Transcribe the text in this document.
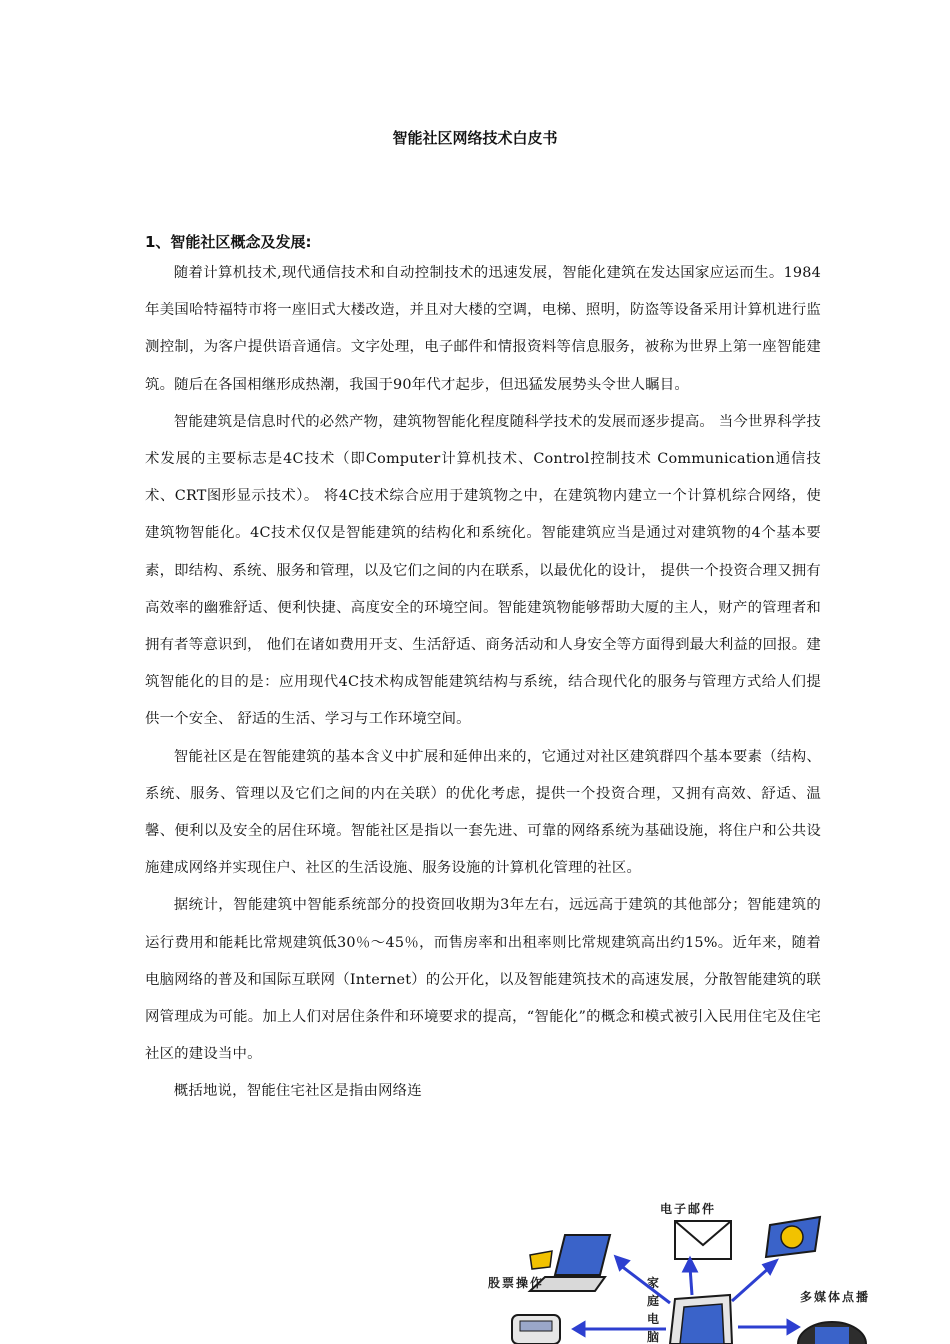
智能社区网络技术白皮书
1、智能社区概念及发展:

随着计算机技术,现代通信技术和自动控制技术的迅速发展，智能化建筑在发达国家应运而生。1984年美国哈特福特市将一座旧式大楼改造，并且对大楼的空调，电梯、照明，防盗等设备采用计算机进行监测控制，为客户提供语音通信。文字处理，电子邮件和情报资料等信息服务，被称为世界上第一座智能建筑。随后在各国相继形成热潮，我国于90年代才起步，但迅猛发展势头令世人瞩目。

智能建筑是信息时代的必然产物，建筑物智能化程度随科学技术的发展而逐步提高。 当今世界科学技术发展的主要标志是4C技术（即Computer计算机技术、Control控制技术 Communication通信技术、CRT图形显示技术）。 将4C技术综合应用于建筑物之中，在建筑物内建立一个计算机综合网络，使建筑物智能化。4C技术仅仅是智能建筑的结构化和系统化。智能建筑应当是通过对建筑物的4个基本要素，即结构、系统、服务和管理，以及它们之间的内在联系，以最优化的设计， 提供一个投资合理又拥有高效率的幽雅舒适、便利快捷、高度安全的环境空间。智能建筑物能够帮助大厦的主人，财产的管理者和拥有者等意识到， 他们在诸如费用开支、生活舒适、商务活动和人身安全等方面得到最大利益的回报。建筑智能化的目的是：应用现代4C技术构成智能建筑结构与系统，结合现代化的服务与管理方式给人们提供一个安全、 舒适的生活、学习与工作环境空间。

智能社区是在智能建筑的基本含义中扩展和延伸出来的，它通过对社区建筑群四个基本要素（结构、系统、服务、管理以及它们之间的内在关联）的优化考虑，提供一个投资合理，又拥有高效、舒适、温馨、便利以及安全的居住环境。智能社区是指以一套先进、可靠的网络系统为基础设施，将住户和公共设施建成网络并实现住户、社区的生活设施、服务设施的计算机化管理的社区。

据统计，智能建筑中智能系统部分的投资回收期为3年左右，远远高于建筑的其他部分；智能建筑的运行费用和能耗比常规建筑低30％～45％，而售房率和出租率则比常规建筑高出约15%。近年来，随着电脑网络的普及和国际互联网（Internet）的公开化，以及智能建筑技术的高速发展，分散智能建筑的联网管理成为可能。加上人们对居住条件和环境要求的提高，“智能化”的概念和模式被引入民用住宅及住宅社区的建设当中。

概括地说，智能住宅社区是指由网络连

电子邮件
股票操作
多媒体点播
家
庭
电
脑
